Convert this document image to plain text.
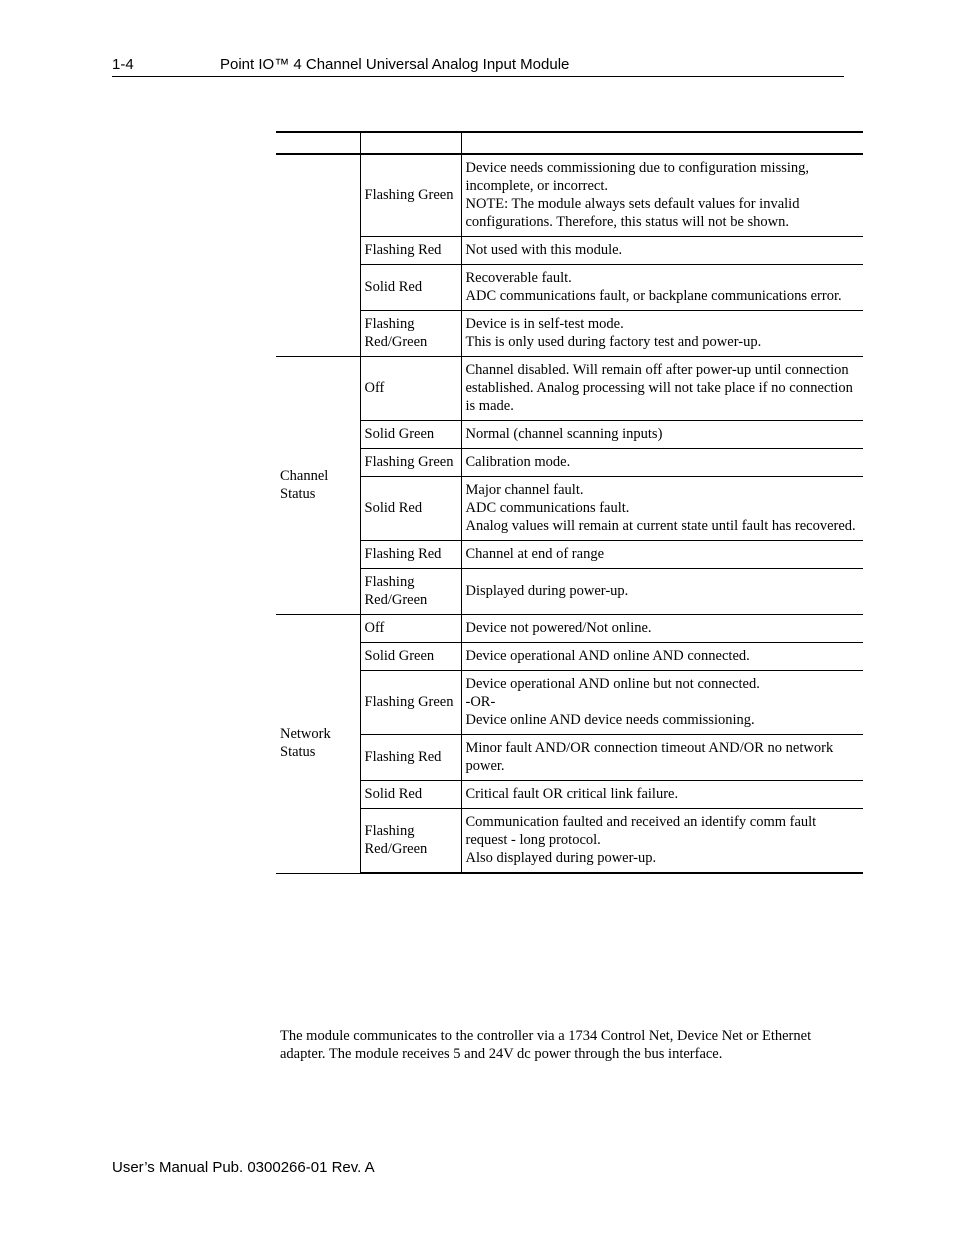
1-4	Point IO™ 4 Channel Universal Analog Input Module

	Flashing Green	Device needs commissioning due to configuration missing, incomplete, or incorrect.
NOTE: The module always sets default values for invalid configurations. Therefore, this status will not be shown.

	Flashing Red	Not used with this module.

	Solid Red	Recoverable fault.
ADC communications fault, or backplane communications error.

	Flashing Red/Green	Device is in self-test mode.
This is only used during factory test and power-up.

Channel Status	Off	Channel disabled. Will remain off after power-up until connection established. Analog processing will not take place if no connection is made.

	Solid Green	Normal (channel scanning inputs)

	Flashing Green	Calibration mode.

	Solid Red	Major channel fault.
ADC communications fault.
Analog values will remain at current state until fault has recovered.

	Flashing Red	Channel at end of range

	Flashing Red/Green	Displayed during power-up.

Network Status	Off	Device not powered/Not online.

	Solid Green	Device operational AND online AND connected.

	Flashing Green	Device operational AND online but not connected.
-OR-
Device online AND device needs commissioning.

	Flashing Red	Minor fault AND/OR connection timeout AND/OR no network power.

	Solid Red	Critical fault OR critical link failure.

	Flashing Red/Green	Communication faulted and received an identify comm fault request - long protocol.
Also displayed during power-up.
The module communicates to the controller via a 1734 Control Net, Device Net or Ethernet adapter. The module receives 5 and 24V dc power through the bus interface.
User’s Manual Pub. 0300266-01 Rev. A
